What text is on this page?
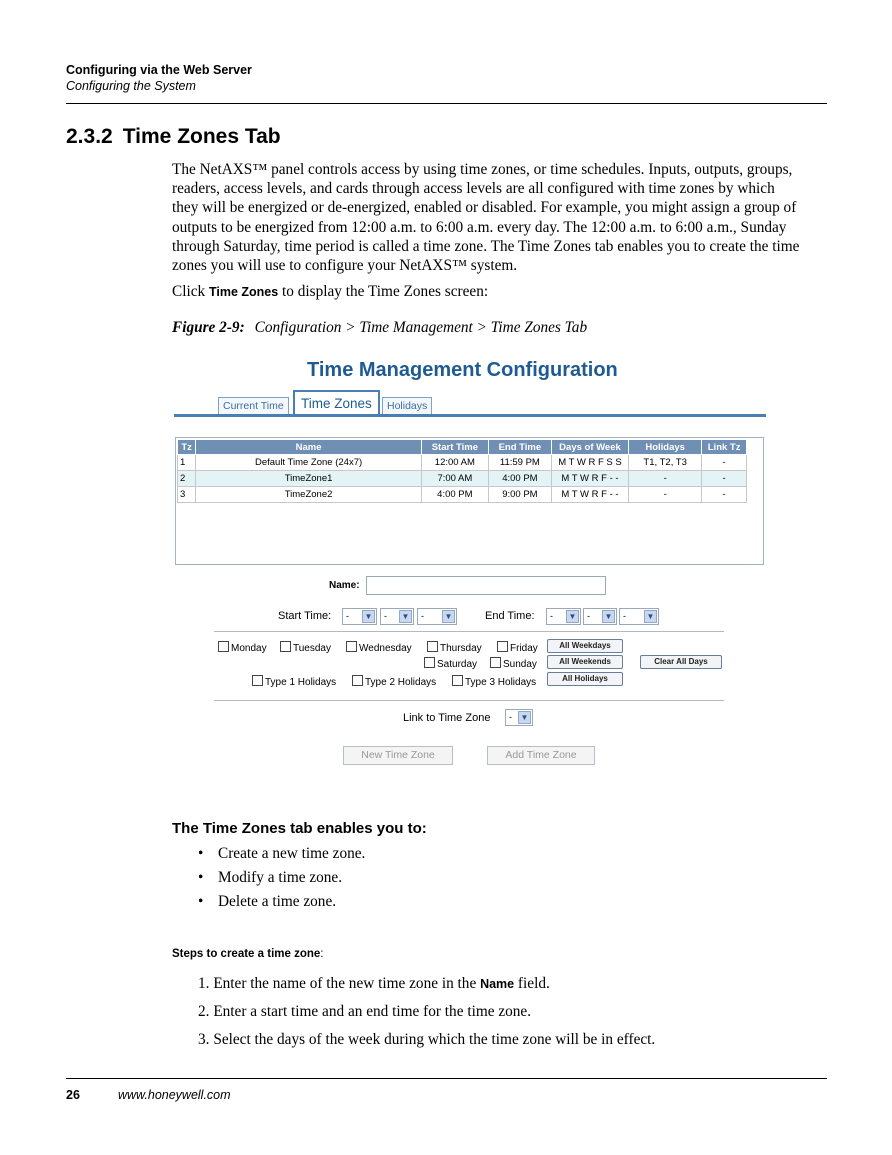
Configuring via the Web Server
Configuring the System
2.3.2 Time Zones Tab
The NetAXS™ panel controls access by using time zones, or time schedules. Inputs, outputs, groups,
readers, access levels, and cards through access levels are all configured with time zones by which
they will be energized or de-energized, enabled or disabled. For example, you might assign a group of
outputs to be energized from 12:00 a.m. to 6:00 a.m. every day. The 12:00 a.m. to 6:00 a.m., Sunday
through Saturday, time period is called a time zone. The Time Zones tab enables you to create the time
zones you will use to configure your NetAXS™ system.
Click Time Zones to display the Time Zones screen:
Figure 2-9: Configuration > Time Management > Time Zones Tab
Time Management Configuration
Current Time	Time Zones	Holidays
Tz	Name	Start Time	End Time	Days of Week	Holidays	Link Tz
1	Default Time Zone (24x7)	12:00 AM	11:59 PM	M T W R F S S	T1, T2, T3	-
2	TimeZone1	7:00 AM	4:00 PM	M T W R F - -	-	-
3	TimeZone2	4:00 PM	9:00 PM	M T W R F - -	-	-
Name:
Start Time:	-	▼	-	▼	-	▼	End Time:	-	▼	-	▼	-	▼
Monday	Tuesday	Wednesday	Thursday	Friday	All Weekdays
Saturday	Sunday	All Weekends	Clear All Days
Type 1 Holidays	Type 2 Holidays	Type 3 Holidays	All Holidays
Link to Time Zone	-	▼
New Time Zone	Add Time Zone
The Time Zones tab enables you to:
• Create a new time zone.
• Modify a time zone.
• Delete a time zone.
Steps to create a time zone:
1. Enter the name of the new time zone in the Name field.
2. Enter a start time and an end time for the time zone.
3. Select the days of the week during which the time zone will be in effect.
26	www.honeywell.com
